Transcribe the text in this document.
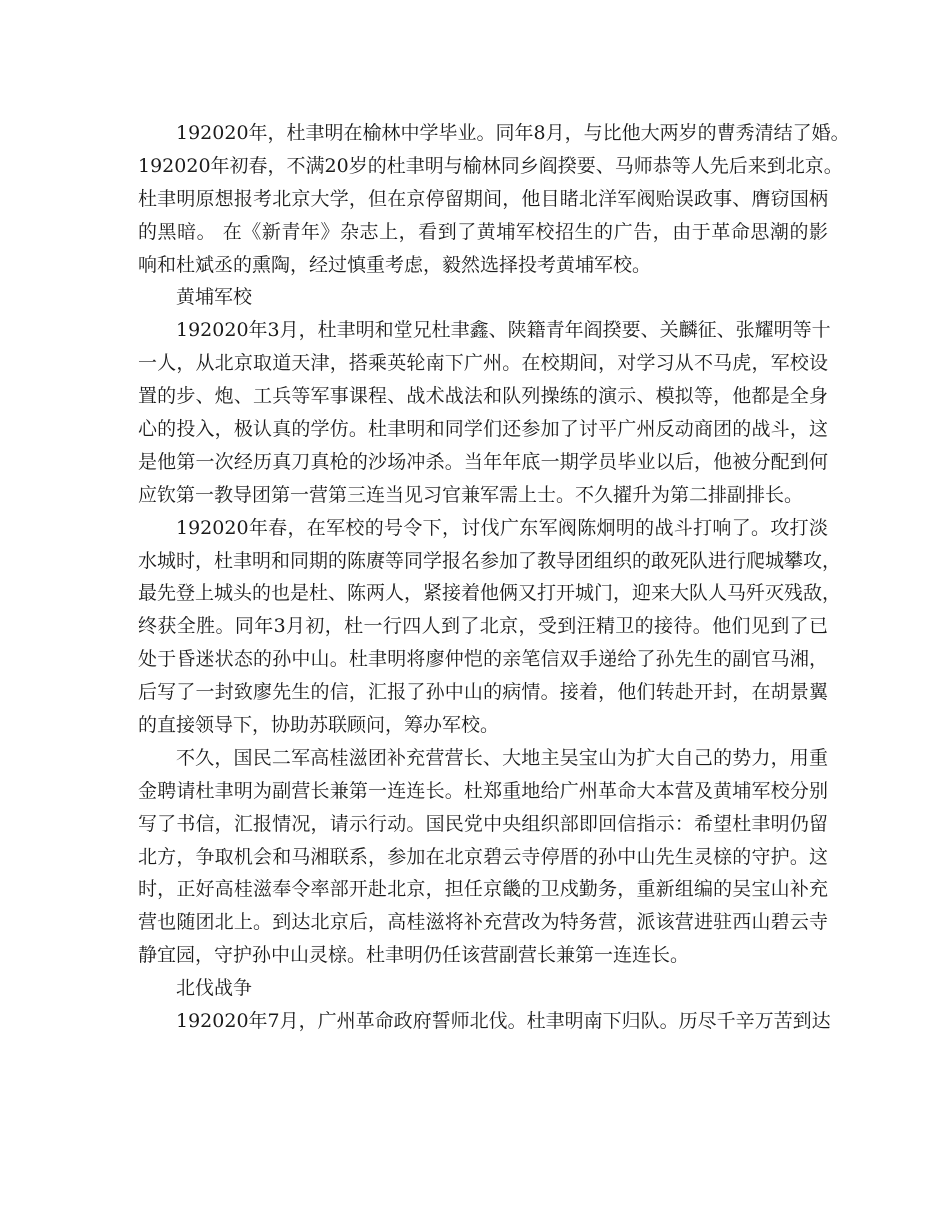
192020年，杜聿明在榆林中学毕业。同年8月，与比他大两岁的曹秀清结了婚。
192020年初春，不满20岁的杜聿明与榆林同乡阎揆要、马师恭等人先后来到北京。
杜聿明原想报考北京大学，但在京停留期间，他目睹北洋军阀贻误政事、膺窃国柄
的黑暗。 在《新青年》杂志上，看到了黄埔军校招生的广告，由于革命思潮的影
响和杜斌丞的熏陶，经过慎重考虑，毅然选择投考黄埔军校。
黄埔军校
192020年3月，杜聿明和堂兄杜聿鑫、陕籍青年阎揆要、关麟征、张耀明等十
一人，从北京取道天津，搭乘英轮南下广州。在校期间，对学习从不马虎，军校设
置的步、炮、工兵等军事课程、战术战法和队列操练的演示、模拟等，他都是全身
心的投入，极认真的学仿。杜聿明和同学们还参加了讨平广州反动商团的战斗，这
是他第一次经历真刀真枪的沙场冲杀。当年年底一期学员毕业以后，他被分配到何
应钦第一教导团第一营第三连当见习官兼军需上士。不久擢升为第二排副排长。
192020年春，在军校的号令下，讨伐广东军阀陈炯明的战斗打响了。攻打淡
水城时，杜聿明和同期的陈赓等同学报名参加了教导团组织的敢死队进行爬城攀攻，
最先登上城头的也是杜、陈两人，紧接着他俩又打开城门，迎来大队人马歼灭残敌，
终获全胜。同年3月初，杜一行四人到了北京，受到汪精卫的接待。他们见到了已
处于昏迷状态的孙中山。杜聿明将廖仲恺的亲笔信双手递给了孙先生的副官马湘，
后写了一封致廖先生的信，汇报了孙中山的病情。接着，他们转赴开封，在胡景翼
的直接领导下，协助苏联顾问，筹办军校。
不久，国民二军高桂滋团补充营营长、大地主吴宝山为扩大自己的势力，用重
金聘请杜聿明为副营长兼第一连连长。杜郑重地给广州革命大本营及黄埔军校分别
写了书信，汇报情况，请示行动。国民党中央组织部即回信指示：希望杜聿明仍留
北方，争取机会和马湘联系，参加在北京碧云寺停厝的孙中山先生灵榇的守护。这
时，正好高桂滋奉令率部开赴北京，担任京畿的卫戍勤务，重新组编的吴宝山补充
营也随团北上。到达北京后，高桂滋将补充营改为特务营，派该营进驻西山碧云寺
静宜园，守护孙中山灵榇。杜聿明仍任该营副营长兼第一连连长。
北伐战争
192020年7月，广州革命政府誓师北伐。杜聿明南下归队。历尽千辛万苦到达
